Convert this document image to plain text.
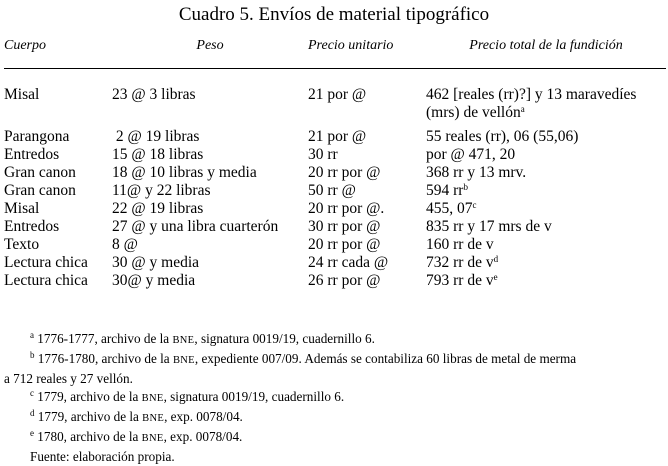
Cuadro 5. Envíos de material tipográfico
Cuerpo	Peso	Precio unitario	Precio total de la fundición
Misal	23 @ 3 libras	21 por @	462 [reales (rr)?] y 13 maravedíes
(mrs) de vellón$^a$
Parangona	2 @ 19 libras	21 por @	55 reales (rr), 06 (55,06)
Entredos	15 @ 18 libras	30 rr	por @ 471, 20
Gran canon	18 @ 10 libras y media	20 rr por @	368 rr y 13 mrv.
Gran canon	11@ y 22 libras	50 rr @	594 $rr^b$
Misal	22 @ 19 libras	20 rr por @.	455, 07$^c$
Entredos	27 @ y una libra cuarterón	30 rr por @	835 rr y 17 mrs de v
Texto	8 @	20 rr por @	160 rr de v
Lectura chica	30 @ y media	24 rr cada @	732 rr de $v^d$
Lectura chica	30@ y media	26 rr por @	793 rr de $v^e$
$^a$ 1776-1777, archivo de la BNE, signatura 0019/19, cuadernillo 6.
$^b$ 1776-1780, archivo de la BNE, expediente 007/09. Además se contabiliza 60 libras de metal de merma
a 712 reales y 27 vellón.
$^c$ 1779, archivo de la BNE, signatura 0019/19, cuadernillo 6.
$^d$ 1779, archivo de la BNE, exp. 0078/04.
$^e$ 1780, archivo de la BNE, exp. 0078/04.
Fuente: elaboración propia.
